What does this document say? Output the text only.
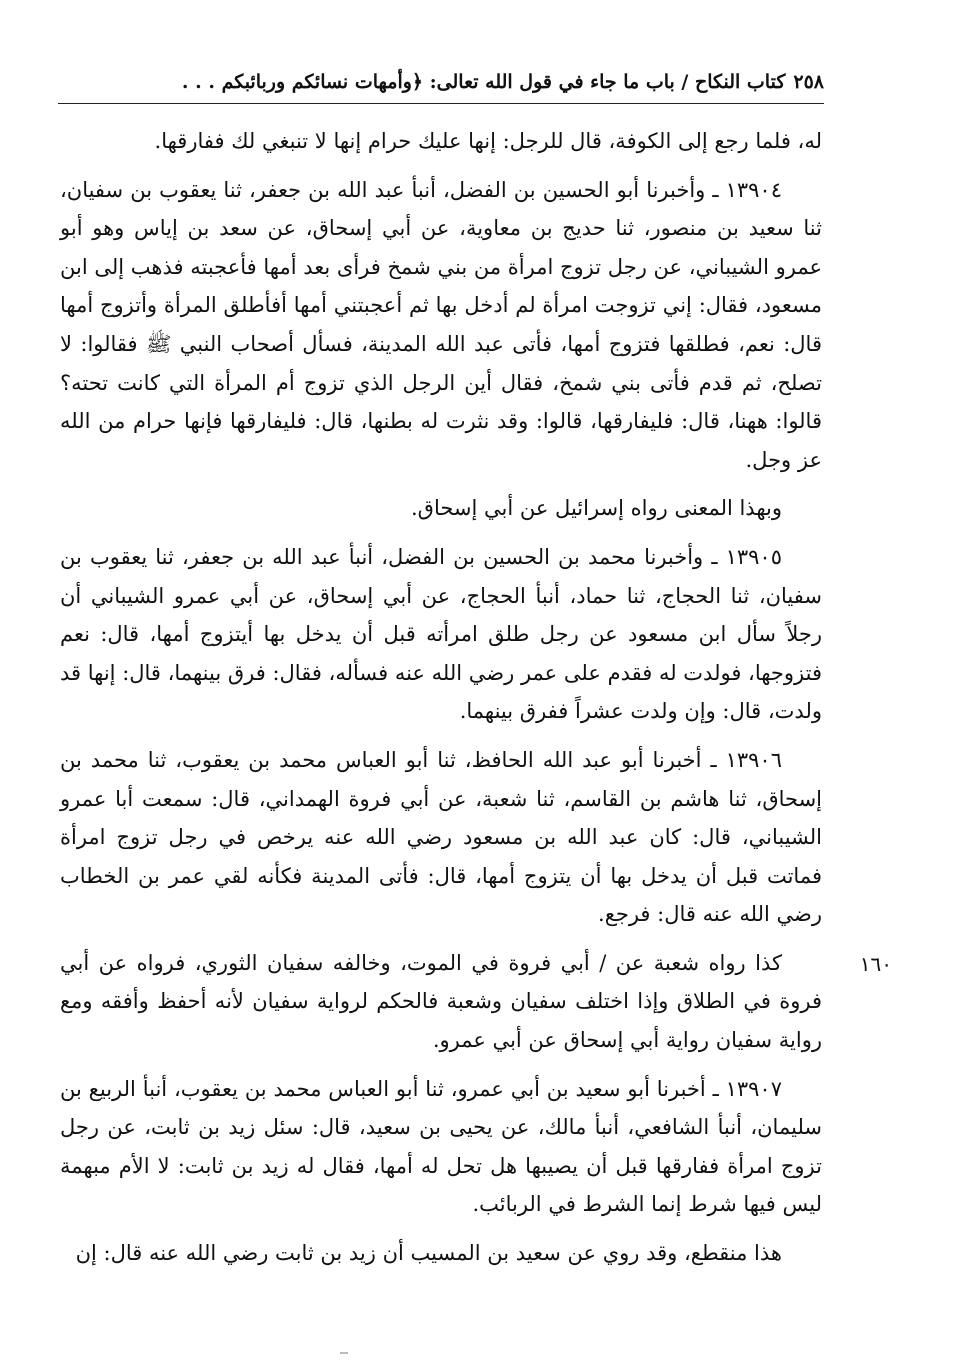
٢٥٨
كتاب النكاح / باب ما جاء في قول الله تعالى: ﴿وأمهات نسائكم وربائبكم . . .
١٦٠

له، فلما رجع إلى الكوفة، قال للرجل: إنها عليك حرام إنها لا تنبغي لك ففارقها.

١٣٩٠٤ ـ وأخبرنا أبو الحسين بن الفضل، أنبأ عبد الله بن جعفر، ثنا يعقوب بن سفيان، ثنا سعيد بن منصور، ثنا حديج بن معاوية، عن أبي إسحاق، عن سعد بن إياس وهو أبو عمرو الشيباني، عن رجل تزوج امرأة من بني شمخ فرأى بعد أمها فأعجبته فذهب إلى ابن مسعود، فقال: إني تزوجت امرأة لم أدخل بها ثم أعجبتني أمها أفأطلق المرأة وأتزوج أمها قال: نعم، فطلقها فتزوج أمها، فأتى عبد الله المدينة، فسأل أصحاب النبي ﷺ فقالوا: لا تصلح، ثم قدم فأتى بني شمخ، فقال أين الرجل الذي تزوج أم المرأة التي كانت تحته؟ قالوا: ههنا، قال: فليفارقها، قالوا: وقد نثرت له بطنها، قال: فليفارقها فإنها حرام من الله عز وجل.

وبهذا المعنى رواه إسرائيل عن أبي إسحاق.

١٣٩٠٥ ـ وأخبرنا محمد بن الحسين بن الفضل، أنبأ عبد الله بن جعفر، ثنا يعقوب بن سفيان، ثنا الحجاج، ثنا حماد، أنبأ الحجاج، عن أبي إسحاق، عن أبي عمرو الشيباني أن رجلاً سأل ابن مسعود عن رجل طلق امرأته قبل أن يدخل بها أيتزوج أمها، قال: نعم فتزوجها، فولدت له فقدم على عمر رضي الله عنه فسأله، فقال: فرق بينهما، قال: إنها قد ولدت، قال: وإن ولدت عشراً ففرق بينهما.

١٣٩٠٦ ـ أخبرنا أبو عبد الله الحافظ، ثنا أبو العباس محمد بن يعقوب، ثنا محمد بن إسحاق، ثنا هاشم بن القاسم، ثنا شعبة، عن أبي فروة الهمداني، قال: سمعت أبا عمرو الشيباني، قال: كان عبد الله بن مسعود رضي الله عنه يرخص في رجل تزوج امرأة فماتت قبل أن يدخل بها أن يتزوج أمها، قال: فأتى المدينة فكأنه لقي عمر بن الخطاب رضي الله عنه قال: فرجع.

كذا رواه شعبة عن / أبي فروة في الموت، وخالفه سفيان الثوري، فرواه عن أبي فروة في الطلاق وإذا اختلف سفيان وشعبة فالحكم لرواية سفيان لأنه أحفظ وأفقه ومع رواية سفيان رواية أبي إسحاق عن أبي عمرو.

١٣٩٠٧ ـ أخبرنا أبو سعيد بن أبي عمرو، ثنا أبو العباس محمد بن يعقوب، أنبأ الربيع بن سليمان، أنبأ الشافعي، أنبأ مالك، عن يحيى بن سعيد، قال: سئل زيد بن ثابت، عن رجل تزوج امرأة ففارقها قبل أن يصيبها هل تحل له أمها، فقال له زيد بن ثابت: لا الأم مبهمة ليس فيها شرط إنما الشرط في الربائب.

هذا منقطع، وقد روي عن سعيد بن المسيب أن زيد بن ثابت رضي الله عنه قال: إن
